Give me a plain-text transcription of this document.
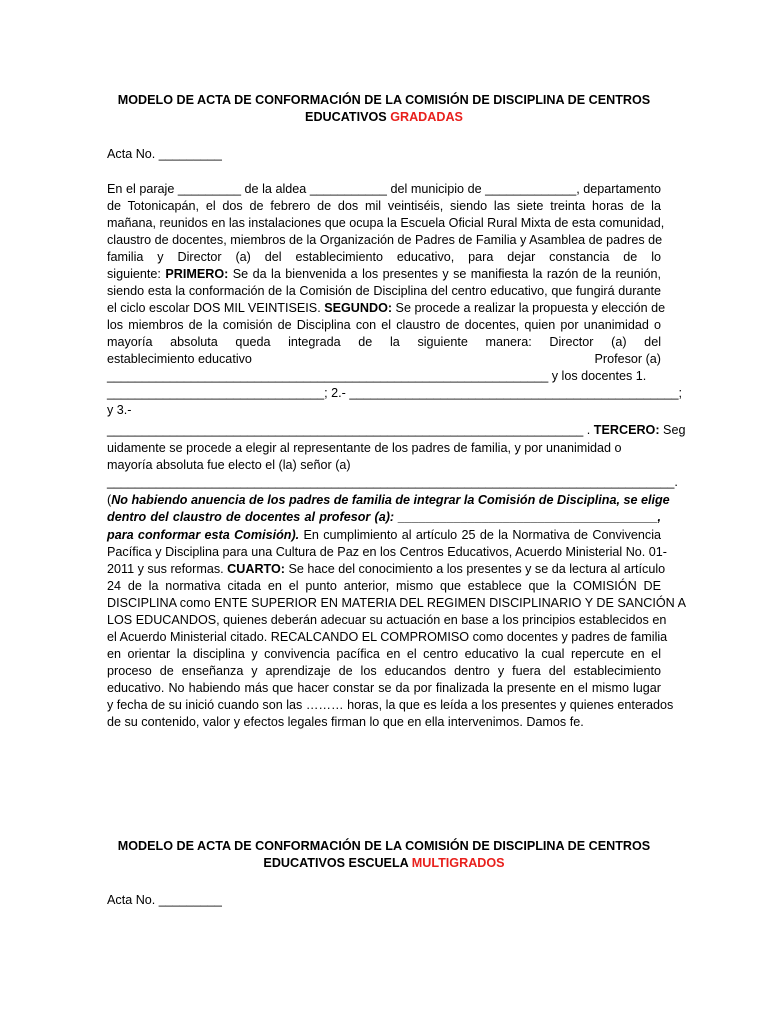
MODELO DE ACTA DE CONFORMACIÓN DE LA COMISIÓN DE DISCIPLINA DE CENTROS
EDUCATIVOS GRADADAS
Acta No. _________
En el paraje _________ de la aldea ___________ del municipio de _____________, departamento
de Totonicapán, el dos de febrero de dos mil veintiséis, siendo las siete treinta horas de la
mañana, reunidos en las instalaciones que ocupa la Escuela Oficial Rural Mixta de esta comunidad,
claustro de docentes, miembros de la Organización de Padres de Familia y Asamblea de padres de
familia y Director (a) del establecimiento educativo, para dejar constancia de lo
siguiente: PRIMERO: Se da la bienvenida a los presentes y se manifiesta la razón de la reunión,
siendo esta la conformación de la Comisión de Disciplina del centro educativo, que fungirá durante
el ciclo escolar DOS MIL VEINTISEIS. SEGUNDO: Se procede a realizar la propuesta y elección de
los miembros de la comisión de Disciplina con el claustro de docentes, quien por unanimidad o
mayoría absoluta queda integrada de la siguiente manera: Director (a) del
establecimiento educativo	Profesor (a)
_______________________________________________________________ y los docentes 1.
_______________________________; 2.- _______________________________________________;
y 3.-
____________________________________________________________________ . TERCERO: Seg
uidamente se procede a elegir al representante de los padres de familia, y por unanimidad o
mayoría absoluta fue electo el (la) señor (a)
_________________________________________________________________________________.
(No habiendo anuencia de los padres de familia de integrar la Comisión de Disciplina, se elige
dentro del claustro de docentes al profesor (a): _____________________________________,
para conformar esta Comisión). En cumplimiento al artículo 25 de la Normativa de Convivencia
Pacífica y Disciplina para una Cultura de Paz en los Centros Educativos, Acuerdo Ministerial No. 01-
2011 y sus reformas. CUARTO: Se hace del conocimiento a los presentes y se da lectura al artículo
24 de la normativa citada en el punto anterior, mismo que establece que la COMISIÓN DE
DISCIPLINA como ENTE SUPERIOR EN MATERIA DEL REGIMEN DISCIPLINARIO Y DE SANCIÓN A
LOS EDUCANDOS, quienes deberán adecuar su actuación en base a los principios establecidos en
el Acuerdo Ministerial citado. RECALCANDO EL COMPROMISO como docentes y padres de familia
en orientar la disciplina y convivencia pacífica en el centro educativo la cual repercute en el
proceso de enseñanza y aprendizaje de los educandos dentro y fuera del establecimiento
educativo. No habiendo más que hacer constar se da por finalizada la presente en el mismo lugar
y fecha de su inició cuando son las ……… horas, la que es leída a los presentes y quienes enterados
de su contenido, valor y efectos legales firman lo que en ella intervenimos. Damos fe.
MODELO DE ACTA DE CONFORMACIÓN DE LA COMISIÓN DE DISCIPLINA DE CENTROS
EDUCATIVOS ESCUELA MULTIGRADOS
Acta No. _________
